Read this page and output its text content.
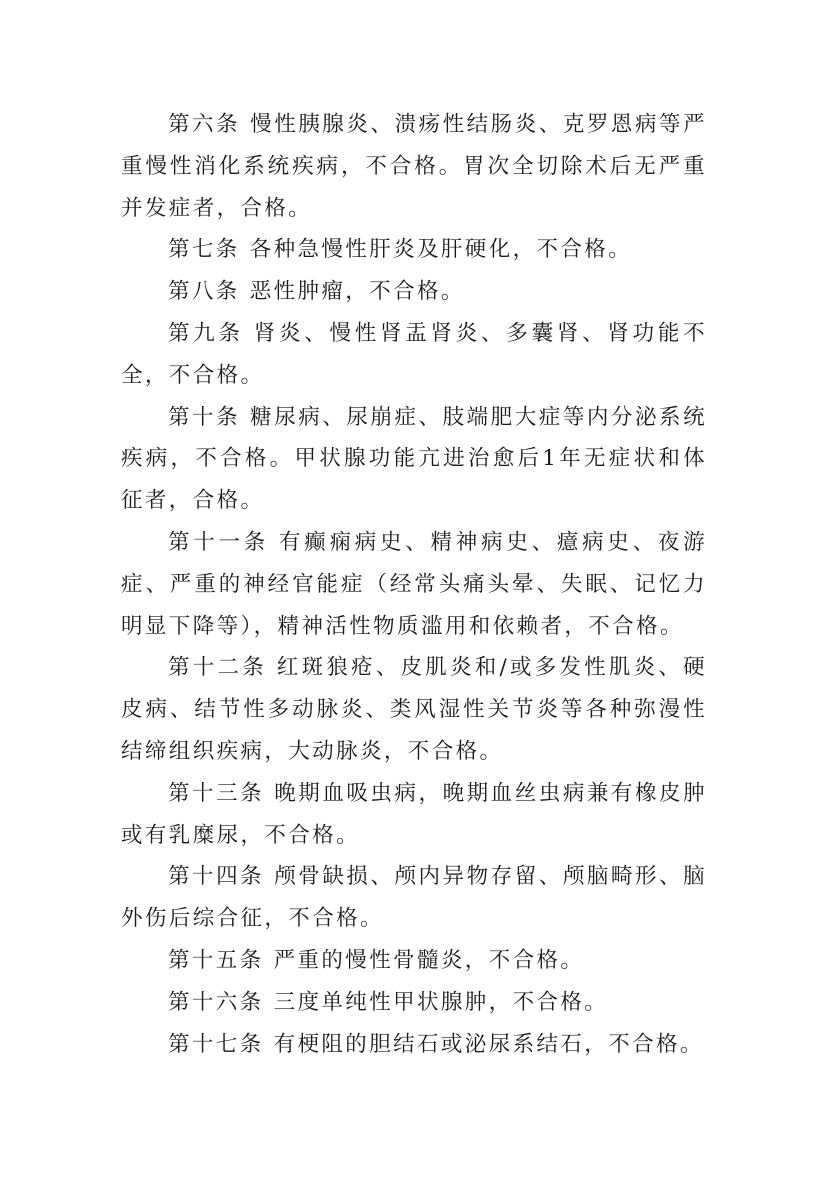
第六条 慢性胰腺炎、溃疡性结肠炎、克罗恩病等严重慢性消化系统疾病，不合格。胃次全切除术后无严重并发症者，合格。

第七条 各种急慢性肝炎及肝硬化，不合格。

第八条 恶性肿瘤，不合格。

第九条 肾炎、慢性肾盂肾炎、多囊肾、肾功能不全，不合格。

第十条 糖尿病、尿崩症、肢端肥大症等内分泌系统疾病，不合格。甲状腺功能亢进治愈后1年无症状和体征者，合格。

第十一条 有癫痫病史、精神病史、癔病史、夜游症、严重的神经官能症（经常头痛头晕、失眠、记忆力明显下降等），精神活性物质滥用和依赖者，不合格。

第十二条 红斑狼疮、皮肌炎和/或多发性肌炎、硬皮病、结节性多动脉炎、类风湿性关节炎等各种弥漫性结缔组织疾病，大动脉炎，不合格。

第十三条 晚期血吸虫病，晚期血丝虫病兼有橡皮肿或有乳糜尿，不合格。

第十四条 颅骨缺损、颅内异物存留、颅脑畸形、脑外伤后综合征，不合格。

第十五条 严重的慢性骨髓炎，不合格。

第十六条 三度单纯性甲状腺肿，不合格。

第十七条 有梗阻的胆结石或泌尿系结石，不合格。
